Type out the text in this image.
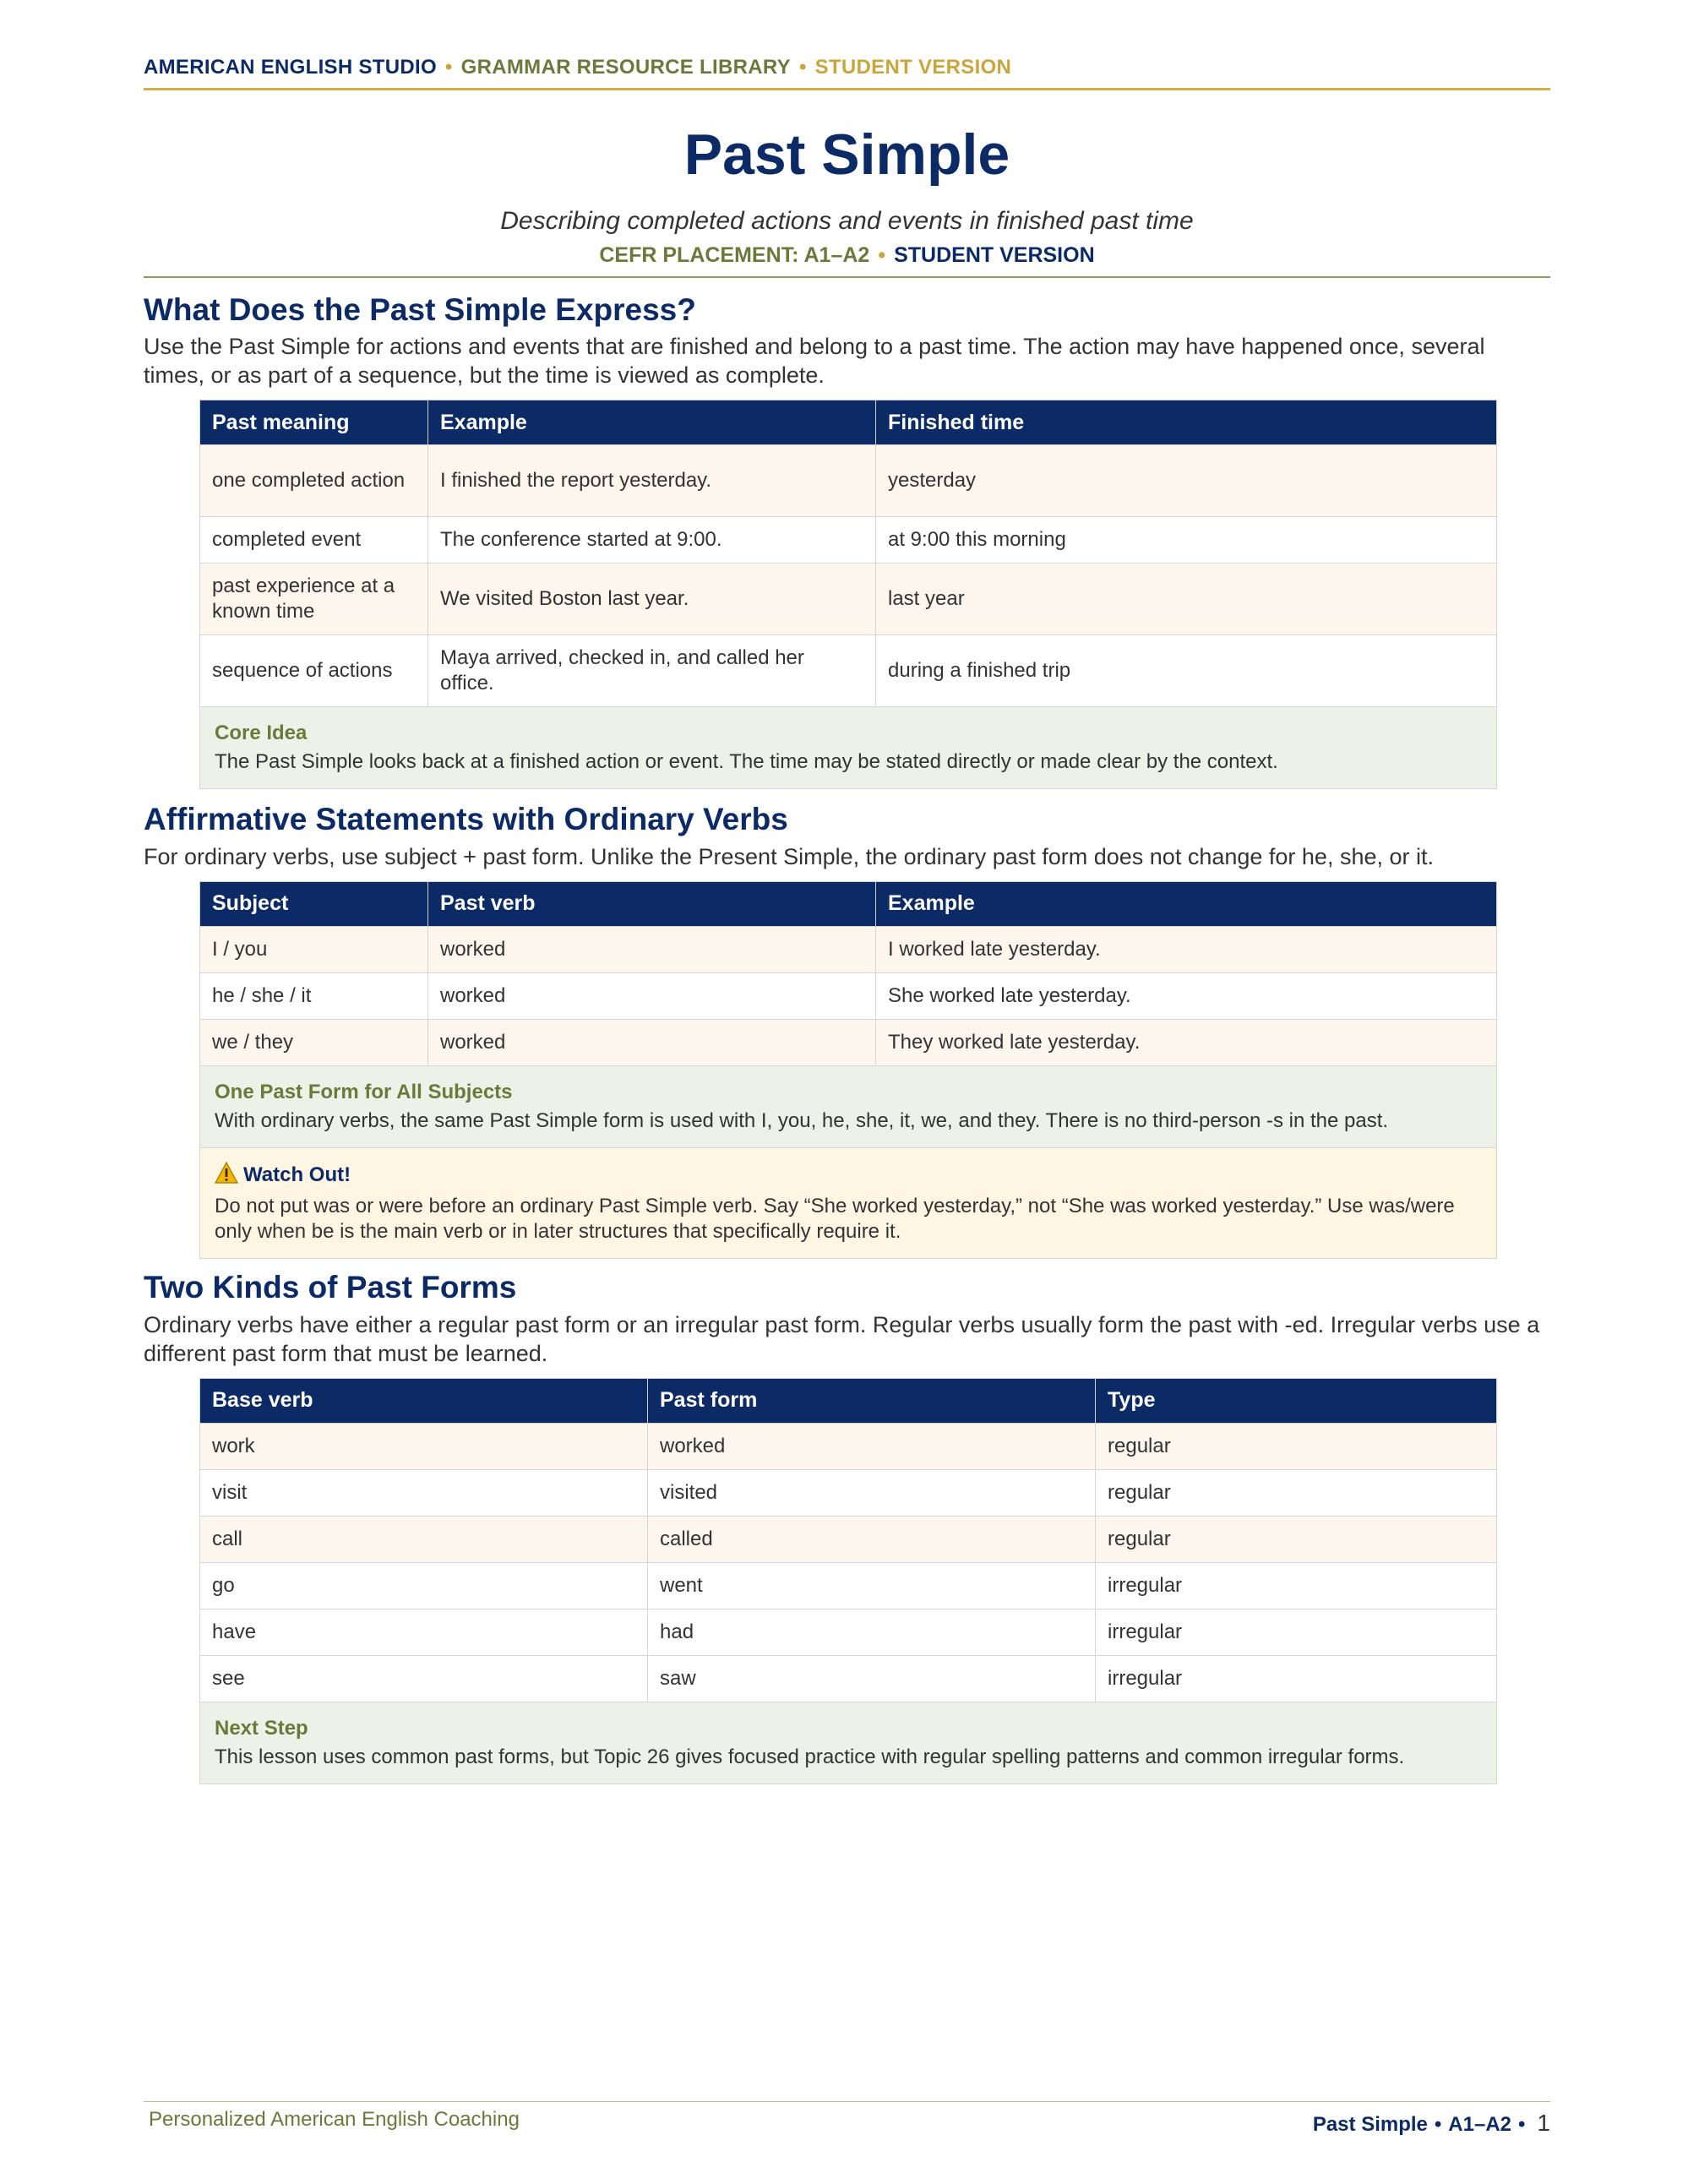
AMERICAN ENGLISH STUDIO • GRAMMAR RESOURCE LIBRARY • STUDENT VERSION
Past Simple
Describing completed actions and events in finished past time
CEFR PLACEMENT: A1–A2 • STUDENT VERSION
What Does the Past Simple Express?
Use the Past Simple for actions and events that are finished and belong to a past time. The action may have happened once, several times, or as part of a sequence, but the time is viewed as complete.
Past meaning	Example	Finished time
one completed action	I finished the report yesterday.	yesterday
completed event	The conference started at 9:00.	at 9:00 this morning
past experience at a known time	We visited Boston last year.	last year
sequence of actions	Maya arrived, checked in, and called her office.	during a finished trip
Core Idea
The Past Simple looks back at a finished action or event. The time may be stated directly or made clear by the context.
Affirmative Statements with Ordinary Verbs
For ordinary verbs, use subject + past form. Unlike the Present Simple, the ordinary past form does not change for he, she, or it.
Subject	Past verb	Example
I / you	worked	I worked late yesterday.
he / she / it	worked	She worked late yesterday.
we / they	worked	They worked late yesterday.
One Past Form for All Subjects
With ordinary verbs, the same Past Simple form is used with I, you, he, she, it, we, and they. There is no third-person -s in the past.
Watch Out!
Do not put was or were before an ordinary Past Simple verb. Say “She worked yesterday,” not “She was worked yesterday.” Use was/were only when be is the main verb or in later structures that specifically require it.
Two Kinds of Past Forms
Ordinary verbs have either a regular past form or an irregular past form. Regular verbs usually form the past with -ed. Irregular verbs use a different past form that must be learned.
Base verb	Past form	Type
work	worked	regular
visit	visited	regular
call	called	regular
go	went	irregular
have	had	irregular
see	saw	irregular
Next Step
This lesson uses common past forms, but Topic 26 gives focused practice with regular spelling patterns and common irregular forms.
Personalized American English Coaching	Past Simple • A1–A2 • 1
